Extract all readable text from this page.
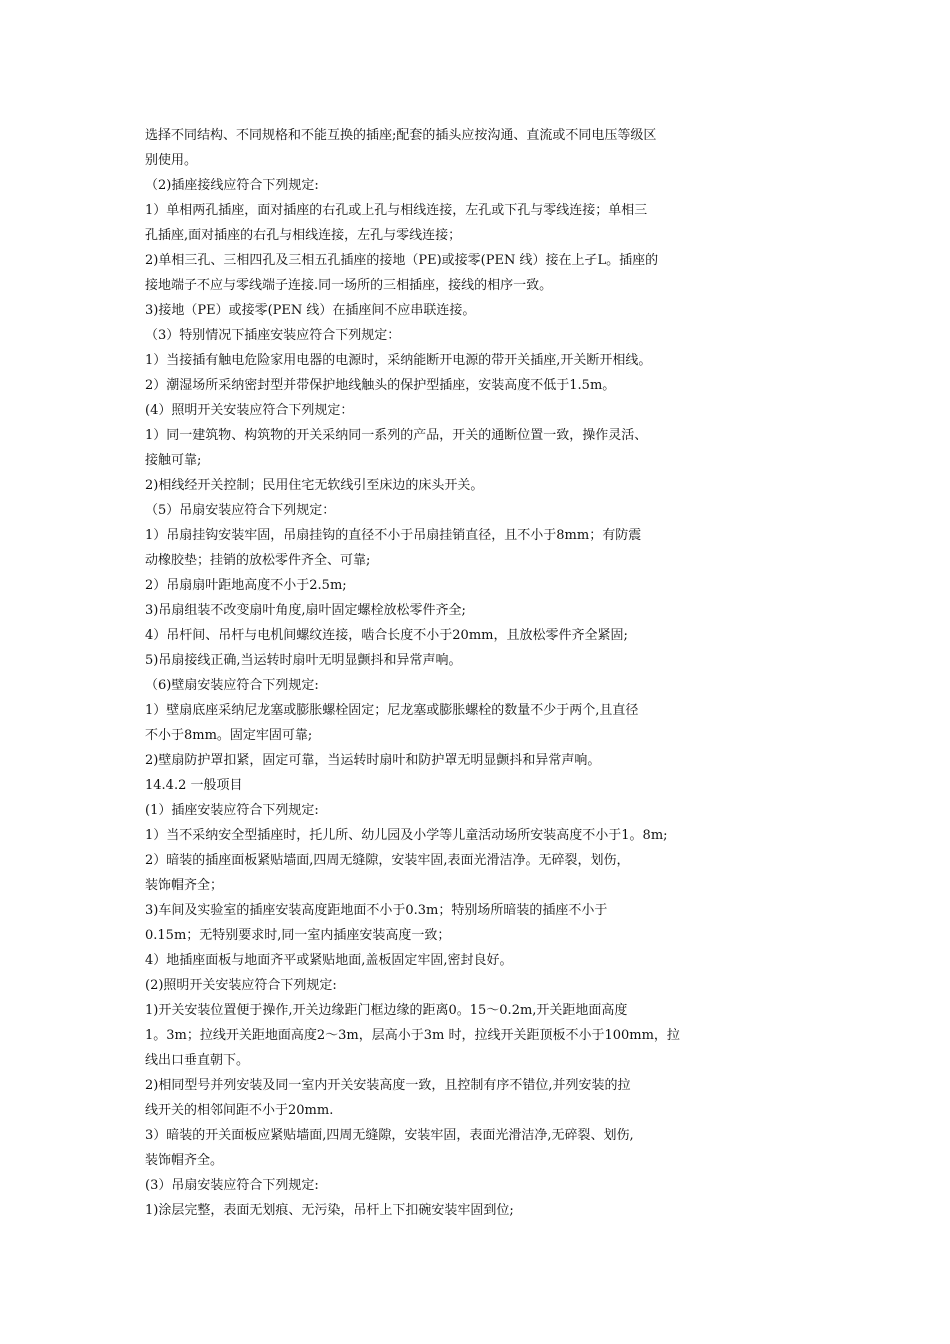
选择不同结构、不同规格和不能互换的插座;配套的插头应按沟通、直流或不同电压等级区
别使用。
（2)插座接线应符合下列规定:
1）单相两孔插座，面对插座的右孔或上孔与相线连接，左孔或下孔与零线连接；单相三
孔插座,面对插座的右孔与相线连接，左孔与零线连接；
2)单相三孔、三相四孔及三相五孔插座的接地（PE)或接零(PEN 线）接在上孑L。插座的
接地端子不应与零线端子连接.同一场所的三相插座，接线的相序一致。
3)接地（PE）或接零(PEN 线）在插座间不应串联连接。
（3）特别情况下插座安装应符合下列规定：
1）当接插有触电危险家用电器的电源时，采纳能断开电源的带开关插座,开关断开相线。
2）潮湿场所采纳密封型并带保护地线触头的保护型插座，安装高度不低于1.5m。
(4）照明开关安装应符合下列规定：
1）同一建筑物、构筑物的开关采纳同一系列的产品，开关的通断位置一致，操作灵活、
接触可靠;
2)相线经开关控制；民用住宅无软线引至床边的床头开关。
（5）吊扇安装应符合下列规定：
1）吊扇挂钩安装牢固，吊扇挂钩的直径不小于吊扇挂销直径，且不小于8mm；有防震
动橡胶垫；挂销的放松零件齐全、可靠;
2）吊扇扇叶距地高度不小于2.5m;
3)吊扇组装不改变扇叶角度,扇叶固定螺栓放松零件齐全;
4）吊杆间、吊杆与电机间螺纹连接，啮合长度不小于20mm，且放松零件齐全紧固;
5)吊扇接线正确,当运转时扇叶无明显颤抖和异常声响。
（6)壁扇安装应符合下列规定:
1）壁扇底座采纳尼龙塞或膨胀螺栓固定；尼龙塞或膨胀螺栓的数量不少于两个,且直径
不小于8mm。固定牢固可靠;
2)壁扇防护罩扣紧，固定可靠，当运转时扇叶和防护罩无明显颤抖和异常声响。
14.4.2 一般项目
(1）插座安装应符合下列规定:
1）当不采纳安全型插座时，托儿所、幼儿园及小学等儿童活动场所安装高度不小于1。8m;
2）暗装的插座面板紧贴墙面,四周无缝隙，安装牢固,表面光滑洁净。无碎裂，划伤，
装饰帽齐全；
3)车间及实验室的插座安装高度距地面不小于0.3m；特别场所暗装的插座不小于
0.15m；无特别要求时,同一室内插座安装高度一致；
4）地插座面板与地面齐平或紧贴地面,盖板固定牢固,密封良好。
(2)照明开关安装应符合下列规定:
1)开关安装位置便于操作,开关边缘距门框边缘的距离0。15～0.2m,开关距地面高度
1。3m；拉线开关距地面高度2～3m，层高小于3m 时，拉线开关距顶板不小于100mm，拉
线出口垂直朝下。
2)相同型号并列安装及同一室内开关安装高度一致，且控制有序不错位,并列安装的拉
线开关的相邻间距不小于20mm.
3）暗装的开关面板应紧贴墙面,四周无缝隙，安装牢固，表面光滑洁净,无碎裂、划伤,
装饰帽齐全。
(3）吊扇安装应符合下列规定:
1)涂层完整，表面无划痕、无污染，吊杆上下扣碗安装牢固到位;
